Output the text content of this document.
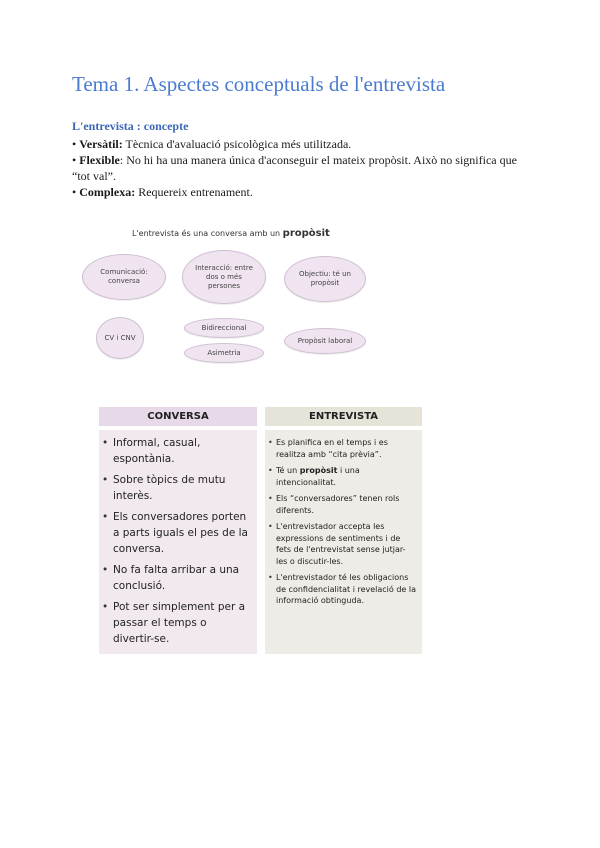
Tema 1. Aspectes conceptuals de l'entrevista
L'entrevista : concepte

• Versàtil: Tècnica d'avaluació psicològica més utilitzada.

• Flexible: No hi ha una manera única d'aconseguir el mateix propòsit. Això no significa que “tot val”.

• Complexa: Requereix entrenament.

L'entrevista és una conversa amb un propòsit
Comunicació: conversa
Interacció: entre dos o més persones
Objectiu: té un propòsit
CV i CNV
Bidireccional
Asimetria
Propòsit laboral
CONVERSA	ENTREVISTA
• Informal, casual, espontània.
• Sobre tòpics de mutu interès.
• Els conversadores porten a parts iguals el pes de la conversa.
• No fa falta arribar a una conclusió.
• Pot ser simplement per a passar el temps o divertir-se.
• Es planifica en el temps i es realitza amb “cita prèvia”.
• Té un propòsit i una intencionalitat.
• Els “conversadores” tenen rols diferents.
• L'entrevistador accepta les expressions de sentiments i de fets de l'entrevistat sense jutjar-les o discutir-les.
• L'entrevistador té les obligacions de confidencialitat i revelació de la informació obtinguda.
